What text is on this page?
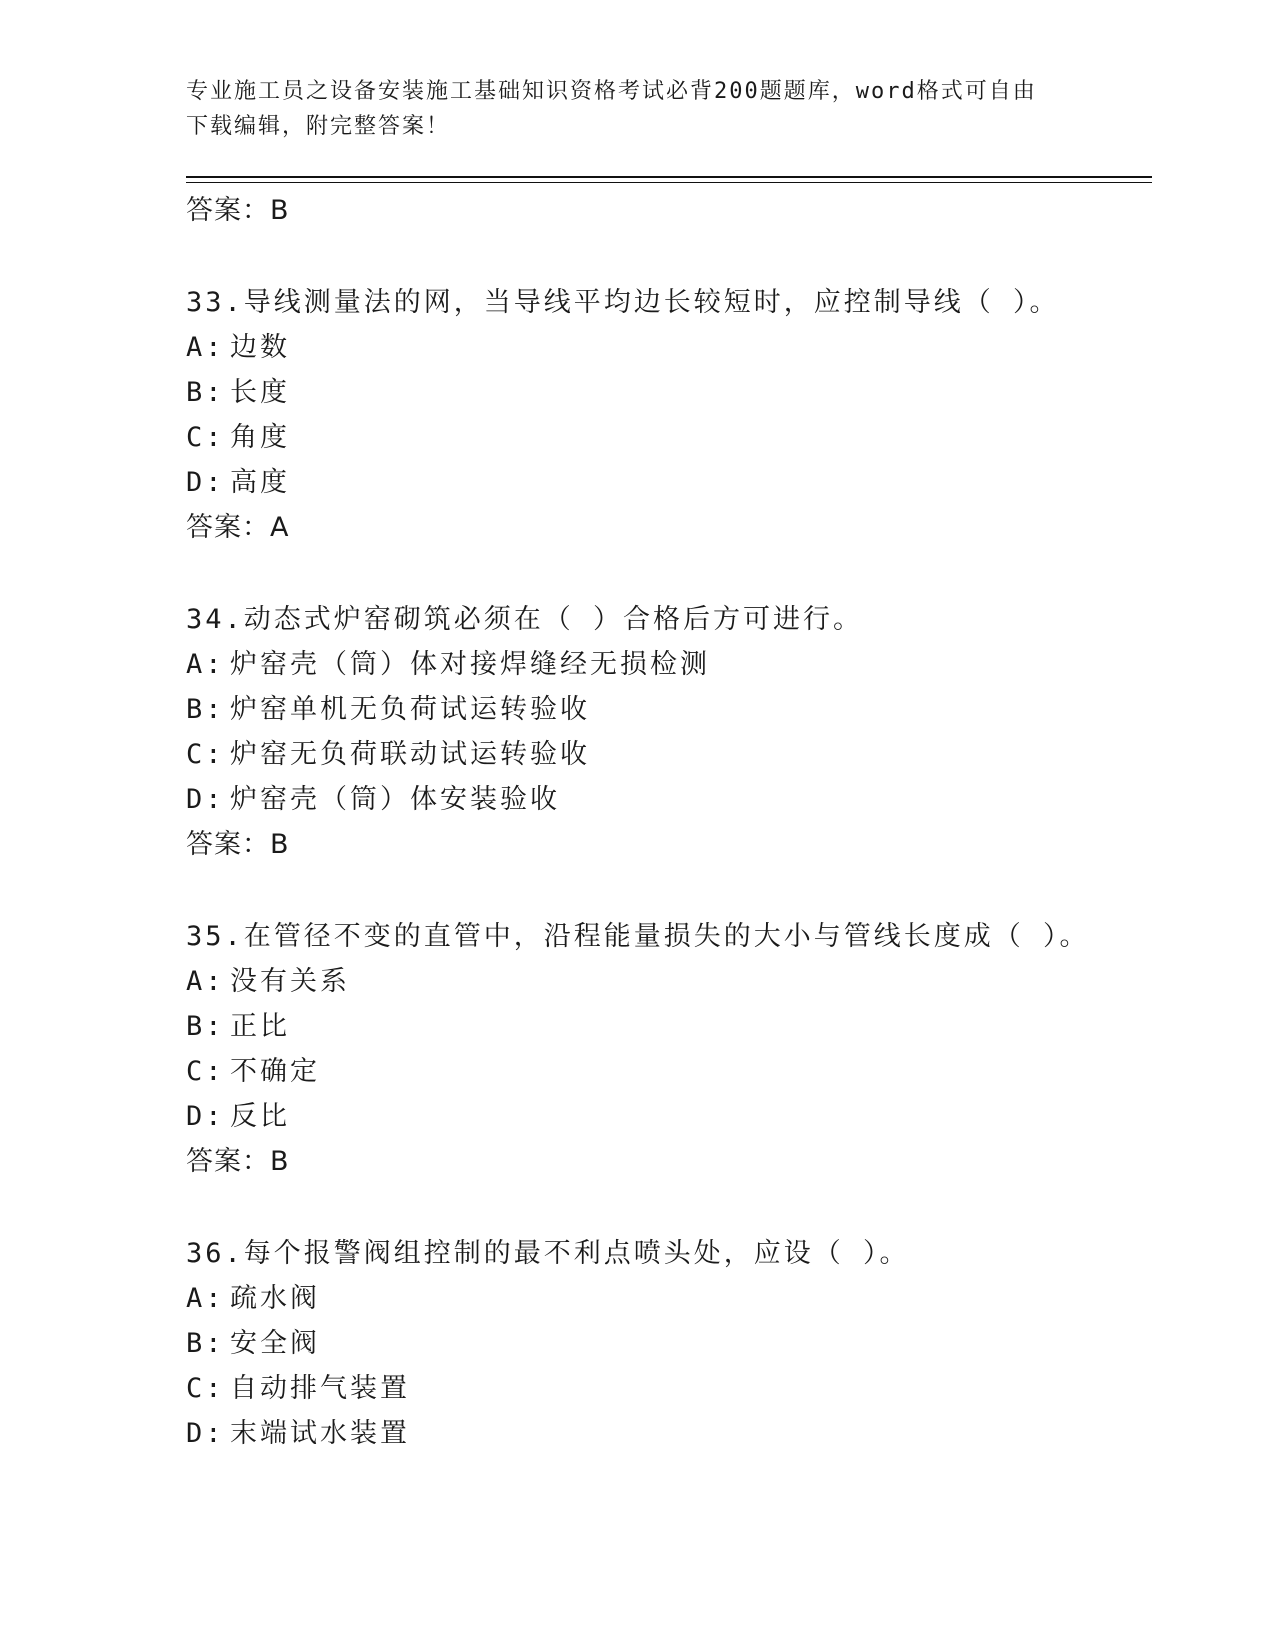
专业施工员之设备安装施工基础知识资格考试必背200题题库，word格式可自由
下载编辑，附完整答案！
答案：B
33.导线测量法的网，当导线平均边长较短时，应控制导线（ ）。
A: 边数
B: 长度
C: 角度
D: 高度
答案：A
34.动态式炉窑砌筑必须在（ ）合格后方可进行。
A: 炉窑壳（筒）体对接焊缝经无损检测
B: 炉窑单机无负荷试运转验收
C: 炉窑无负荷联动试运转验收
D: 炉窑壳（筒）体安装验收
答案：B
35.在管径不变的直管中，沿程能量损失的大小与管线长度成（ ）。
A: 没有关系
B: 正比
C: 不确定
D: 反比
答案：B
36.每个报警阀组控制的最不利点喷头处，应设（ ）。
A: 疏水阀
B: 安全阀
C: 自动排气装置
D: 末端试水装置
